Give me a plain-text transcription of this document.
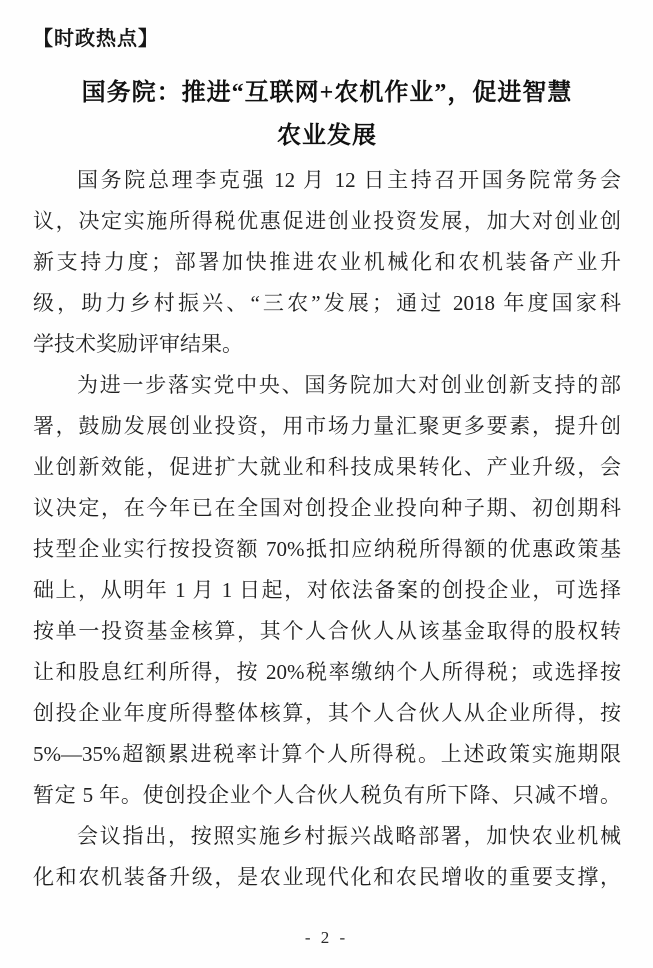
【时政热点】
国务院：推进“互联网+农机作业”，促进智慧
农业发展
国务院总理李克强 12 月 12 日主持召开国务院常务会
议，决定实施所得税优惠促进创业投资发展，加大对创业创
新支持力度；部署加快推进农业机械化和农机装备产业升
级，助力乡村振兴、“三农”发展；通过 2018 年度国家科
学技术奖励评审结果。
为进一步落实党中央、国务院加大对创业创新支持的部
署，鼓励发展创业投资，用市场力量汇聚更多要素，提升创
业创新效能，促进扩大就业和科技成果转化、产业升级，会
议决定，在今年已在全国对创投企业投向种子期、初创期科
技型企业实行按投资额 70%抵扣应纳税所得额的优惠政策基
础上，从明年 1 月 1 日起，对依法备案的创投企业，可选择
按单一投资基金核算，其个人合伙人从该基金取得的股权转
让和股息红利所得，按 20%税率缴纳个人所得税；或选择按
创投企业年度所得整体核算，其个人合伙人从企业所得，按
5%—35%超额累进税率计算个人所得税。上述政策实施期限
暂定 5 年。使创投企业个人合伙人税负有所下降、只减不增。
会议指出，按照实施乡村振兴战略部署，加快农业机械
化和农机装备升级，是农业现代化和农民增收的重要支撑，
- 2 -
